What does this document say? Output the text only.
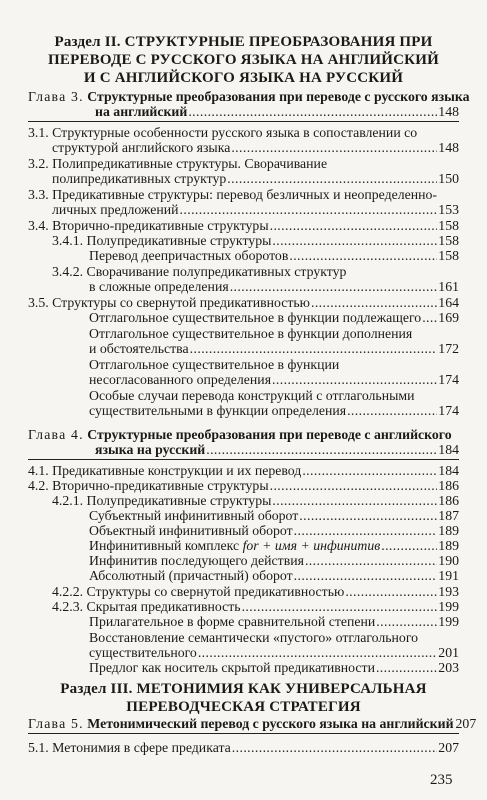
Раздел II. СТРУКТУРНЫЕ ПРЕОБРАЗОВАНИЯ ПРИ
ПЕРЕВОДЕ С РУССКОГО ЯЗЫКА НА АНГЛИЙСКИЙ
И С АНГЛИЙСКОГО ЯЗЫКА НА РУССКИЙ
Глава 3. Структурные преобразования при переводе с русского языка
на английский .....	148
3.1. Структурные особенности русского языка в сопоставлении со
структурой английского языка .....	148
3.2. Полипредикативные структуры. Сворачивание
полипредикативных структур .....	150
3.3. Предикативные структуры: перевод безличных и неопределенно-
личных предложений .....	153
3.4. Вторично-предикативные структуры .....	158
3.4.1. Полупредикативные структуры .....	158
Перевод деепричастных оборотов .....	158
3.4.2. Сворачивание полупредикативных структур
в сложные определения .....	161
3.5. Структуры со свернутой предикативностью .....	164
Отглагольное существительное в функции подлежащего ..... 169
Отглагольное существительное в функции дополнения
и обстоятельства .....	172
Отглагольное существительное в функции
несогласованного определения .....	174
Особые случаи перевода конструкций с отглагольными
существительными в функции определения .....	174
Глава 4. Структурные преобразования при переводе с английского
языка на русский .....	184
4.1. Предикативные конструкции и их перевод .....	184
4.2. Вторично-предикативные структуры .....	186
4.2.1. Полупредикативные структуры .....	186
Субъектный инфинитивный оборот .....	187
Объектный инфинитивный оборот .....	189
Инфинитивный комплекс for + имя + инфинитив .....	189
Инфинитив последующего действия .....	190
Абсолютный (причастный) оборот .....	191
4.2.2. Структуры со свернутой предикативностью .....	193
4.2.3. Скрытая предикативность .....	199
Прилагательное в форме сравнительной степени .....	199
Восстановление семантически «пустого» отглагольного
существительного .....	201
Предлог как носитель скрытой предикативности .....	203
Раздел III. МЕТОНИМИЯ КАК УНИВЕРСАЛЬНАЯ
ПЕРЕВОДЧЕСКАЯ СТРАТЕГИЯ
Глава 5. Метонимический перевод с русского языка на английский 207
5.1. Метонимия в сфере предиката .....	207
235
